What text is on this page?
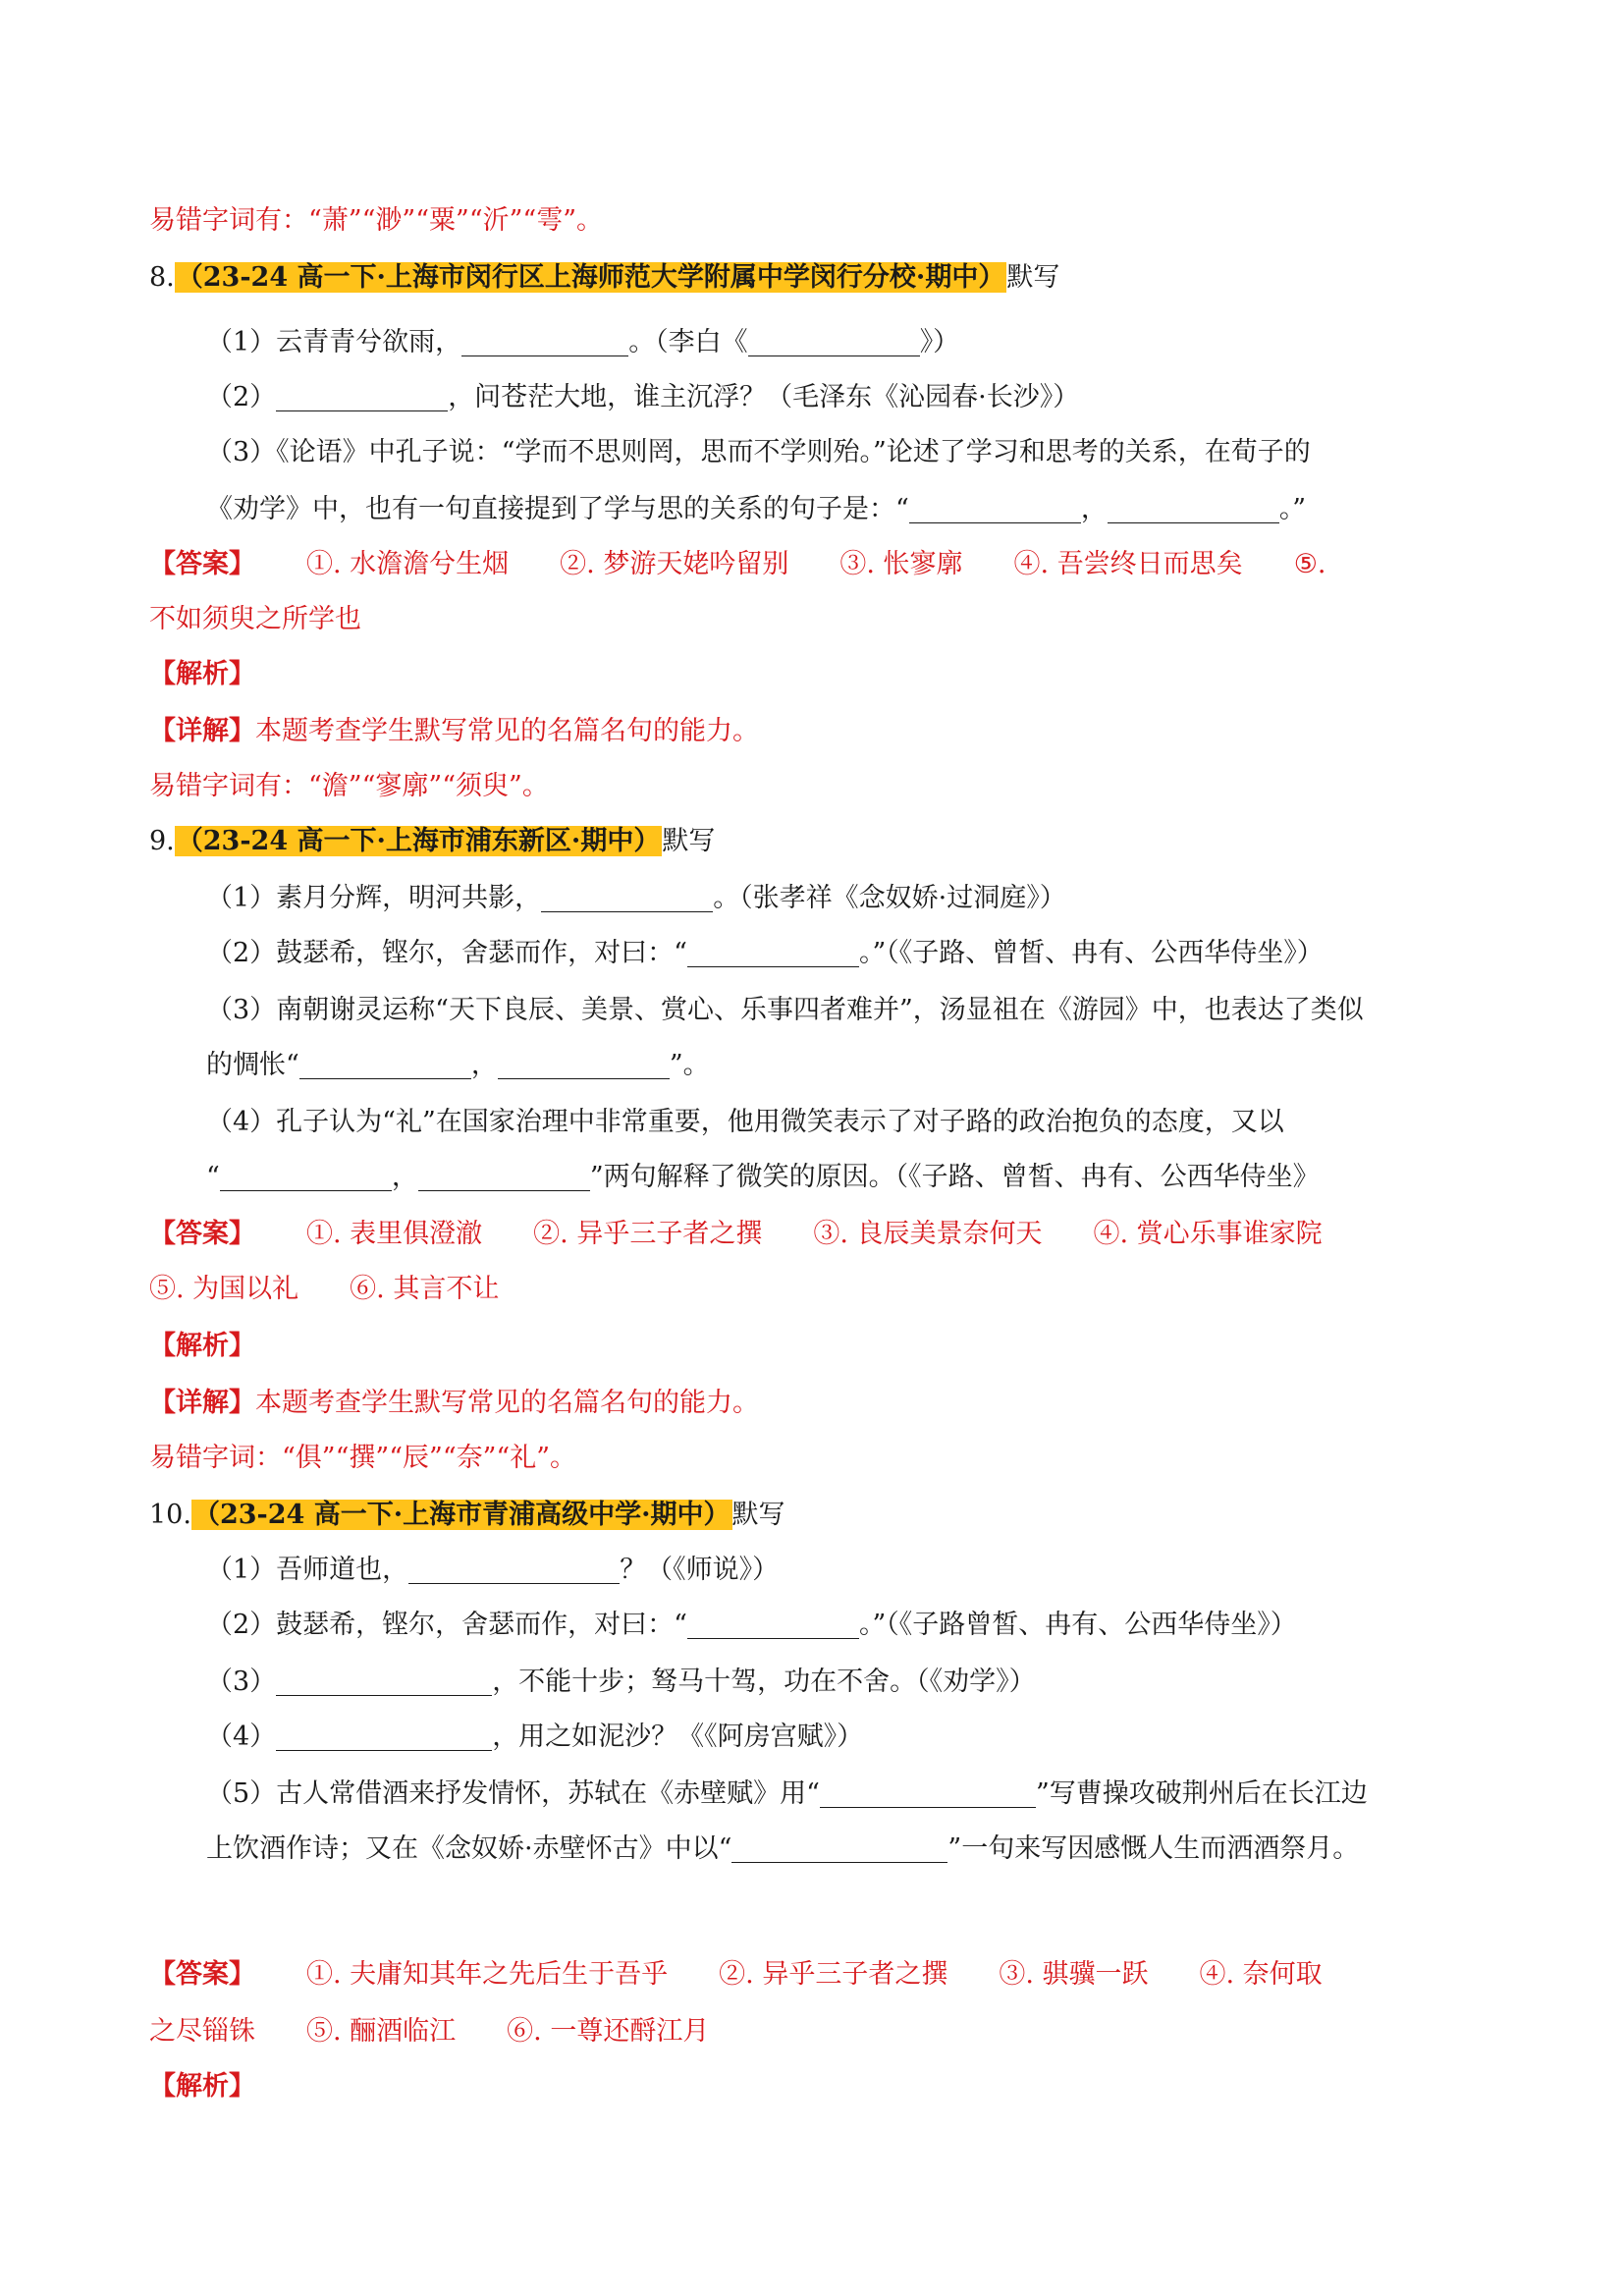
易错字词有：“萧”“渺”“粟”“沂”“雩”。
8.（23-24 高一下·上海市闵行区上海师范大学附属中学闵行分校·期中）默写
（1）云青青兮欲雨，	。（李白《	》）
（2）	，问苍茫大地，谁主沉浮？（毛泽东《沁园春·长沙》）
（3）《论语》中孔子说：“学而不思则罔，思而不学则殆。”论述了学习和思考的关系，在荀子的
《劝学》中，也有一句直接提到了学与思的关系的句子是：“	，	。”
【答案】 ①. 水澹澹兮生烟 ②. 梦游天姥吟留别 ③. 怅寥廓 ④. 吾尝终日而思矣 ⑤.
不如须臾之所学也
【解析】
【详解】本题考查学生默写常见的名篇名句的能力。
易错字词有：“澹”“寥廓”“须臾”。
9.（23-24 高一下·上海市浦东新区·期中）默写
（1）素月分辉，明河共影，	。（张孝祥《念奴娇·过洞庭》）
（2）鼓瑟希，铿尔，舍瑟而作，对曰：“	。”（《子路、曾皙、冉有、公西华侍坐》）
（3）南朝谢灵运称“天下良辰、美景、赏心、乐事四者难并”，汤显祖在《游园》中，也表达了类似
的惆怅“	，	”。
（4）孔子认为“礼”在国家治理中非常重要，他用微笑表示了对子路的政治抱负的态度，又以
“	，	”两句解释了微笑的原因。（《子路、曾皙、冉有、公西华侍坐》
【答案】 ①. 表里俱澄澈 ②. 异乎三子者之撰 ③. 良辰美景奈何天 ④. 赏心乐事谁家院
⑤. 为国以礼 ⑥. 其言不让
【解析】
【详解】本题考查学生默写常见的名篇名句的能力。
易错字词：“俱”“撰”“辰”“奈”“礼”。
10.（23-24 高一下·上海市青浦高级中学·期中）默写
（1）吾师道也，	？（《师说》）
（2）鼓瑟希，铿尔，舍瑟而作，对曰：“	。”（《子路曾皙、冉有、公西华侍坐》）
（3）	，不能十步；驽马十驾，功在不舍。（《劝学》）
（4）	，用之如泥沙？《《阿房宫赋》）
（5）古人常借酒来抒发情怀，苏轼在《赤壁赋》用“	”写曹操攻破荆州后在长江边
上饮酒作诗；又在《念奴娇·赤壁怀古》中以“	”一句来写因感慨人生而洒酒祭月。
【答案】 ①. 夫庸知其年之先后生于吾乎 ②. 异乎三子者之撰 ③. 骐骥一跃 ④. 奈何取
之尽锱铢 ⑤. 酾酒临江 ⑥. 一尊还酹江月
【解析】
